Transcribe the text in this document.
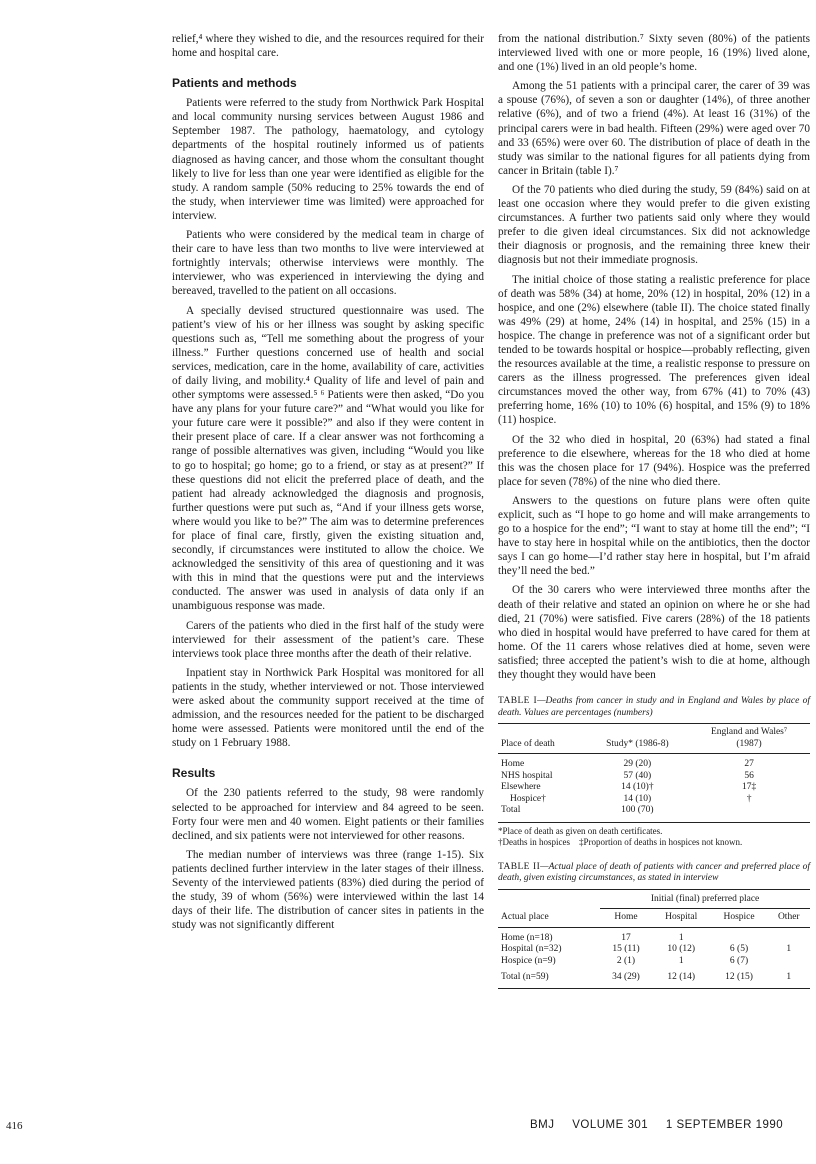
relief,⁴ where they wished to die, and the resources required for their home and hospital care.

Patients and methods

Patients were referred to the study from Northwick Park Hospital and local community nursing services between August 1986 and September 1987. The pathology, haematology, and cytology departments of the hospital routinely informed us of patients diagnosed as having cancer, and those whom the consultant thought likely to live for less than one year were identified as eligible for the study. A random sample (50% reducing to 25% towards the end of the study, when interviewer time was limited) were approached for interview.

Patients who were considered by the medical team in charge of their care to have less than two months to live were interviewed at fortnightly intervals; otherwise interviews were monthly. The interviewer, who was experienced in interviewing the dying and bereaved, travelled to the patient on all occasions.

A specially devised structured questionnaire was used. The patient’s view of his or her illness was sought by asking specific questions such as, “Tell me something about the progress of your illness.” Further questions concerned use of health and social services, medication, care in the home, availability of care, activities of daily living, and mobility.⁴ Quality of life and level of pain and other symptoms were assessed.⁵ ⁶ Patients were then asked, “Do you have any plans for your future care?” and “What would you like for your future care were it possible?” and also if they were content in their present place of care. If a clear answer was not forthcoming a range of possible alternatives was given, including “Would you like to go to hospital; go home; go to a friend, or stay as at present?” If these questions did not elicit the preferred place of death, and the patient had already acknowledged the diagnosis and prognosis, further questions were put such as, “And if your illness gets worse, where would you like to be?” The aim was to determine preferences for place of final care, firstly, given the existing situation and, secondly, if circumstances were instituted to allow the choice. We acknowledged the sensitivity of this area of questioning and it was with this in mind that the questions were put and the interviews conducted. The answer was used in analysis of data only if an unambiguous response was made.

Carers of the patients who died in the first half of the study were interviewed for their assessment of the patient’s care. These interviews took place three months after the death of their relative.

Inpatient stay in Northwick Park Hospital was monitored for all patients in the study, whether interviewed or not. Those interviewed were asked about the community support received at the time of admission, and the resources needed for the patient to be discharged home were assessed. Patients were monitored until the end of the study on 1 February 1988.

Results

Of the 230 patients referred to the study, 98 were randomly selected to be approached for interview and 84 agreed to be seen. Forty four were men and 40 women. Eight patients or their families declined, and six patients were not interviewed for other reasons.

The median number of interviews was three (range 1-15). Six patients declined further interview in the later stages of their illness. Seventy of the interviewed patients (83%) died during the period of the study, 39 of whom (56%) were interviewed within the last 14 days of their life. The distribution of cancer sites in patients in the study was not significantly different

from the national distribution.⁷ Sixty seven (80%) of the patients interviewed lived with one or more people, 16 (19%) lived alone, and one (1%) lived in an old people’s home.

Among the 51 patients with a principal carer, the carer of 39 was a spouse (76%), of seven a son or daughter (14%), of three another relative (6%), and of two a friend (4%). At least 16 (31%) of the principal carers were in bad health. Fifteen (29%) were aged over 70 and 33 (65%) were over 60. The distribution of place of death in the study was similar to the national figures for all patients dying from cancer in Britain (table I).⁷

Of the 70 patients who died during the study, 59 (84%) said on at least one occasion where they would prefer to die given existing circumstances. A further two patients said only where they would prefer to die given ideal circumstances. Six did not acknowledge their diagnosis or prognosis, and the remaining three knew their diagnosis but not their immediate prognosis.

The initial choice of those stating a realistic preference for place of death was 58% (34) at home, 20% (12) in hospital, 20% (12) in a hospice, and one (2%) elsewhere (table II). The choice stated finally was 49% (29) at home, 24% (14) in hospital, and 25% (15) in a hospice. The change in preference was not of a significant order but tended to be towards hospital or hospice—probably reflecting, given the resources available at the time, a realistic response to pressure on carers as the illness progressed. The preferences given ideal circumstances moved the other way, from 67% (41) to 70% (43) preferring home, 16% (10) to 10% (6) hospital, and 15% (9) to 18% (11) hospice.

Of the 32 who died in hospital, 20 (63%) had stated a final preference to die elsewhere, whereas for the 18 who died at home this was the chosen place for 17 (94%). Hospice was the preferred place for seven (78%) of the nine who died there.

Answers to the questions on future plans were often quite explicit, such as “I hope to go home and will make arrangements to go to a hospice for the end”; “I want to stay at home till the end”; “I have to stay here in hospital while on the antibiotics, then the doctor says I can go home—I’d rather stay here in hospital, but I’m afraid they’ll need the bed.”

Of the 30 carers who were interviewed three months after the death of their relative and stated an opinion on where he or she had died, 21 (70%) were satisfied. Five carers (28%) of the 18 patients who died in hospital would have preferred to have cared for them at home. Of the 11 carers whose relatives died at home, seven were satisfied; three accepted the patient’s wish to die at home, although they thought they would have been

TABLE I—Deaths from cancer in study and in England and Wales by place of death. Values are percentages (numbers)

Place of death	Study* (1986-8)	England and Wales⁷
(1987)

Home	29 (20)	27
NHS hospital	57 (40)	56
Elsewhere	14 (10)†	17‡
Hospice†	14 (10)	†
Total	100 (70)	

*Place of death as given on death certificates.
†Deaths in hospices ‡Proportion of deaths in hospices not known.

TABLE II—Actual place of death of patients with cancer and preferred place of death, given existing circumstances, as stated in interview

	Initial (final) preferred place			
Actual place	Home	Hospital	Hospice	Other

Home (n=18)	17	1		
Hospital (n=32)	15 (11)	10 (12)	6 (5)	1
Hospice (n=9)	2 (1)	1	6 (7)	

Total (n=59)	34 (29)	12 (14)	12 (15)	1
416	BMJ VOLUME 301 1 SEPTEMBER 1990
